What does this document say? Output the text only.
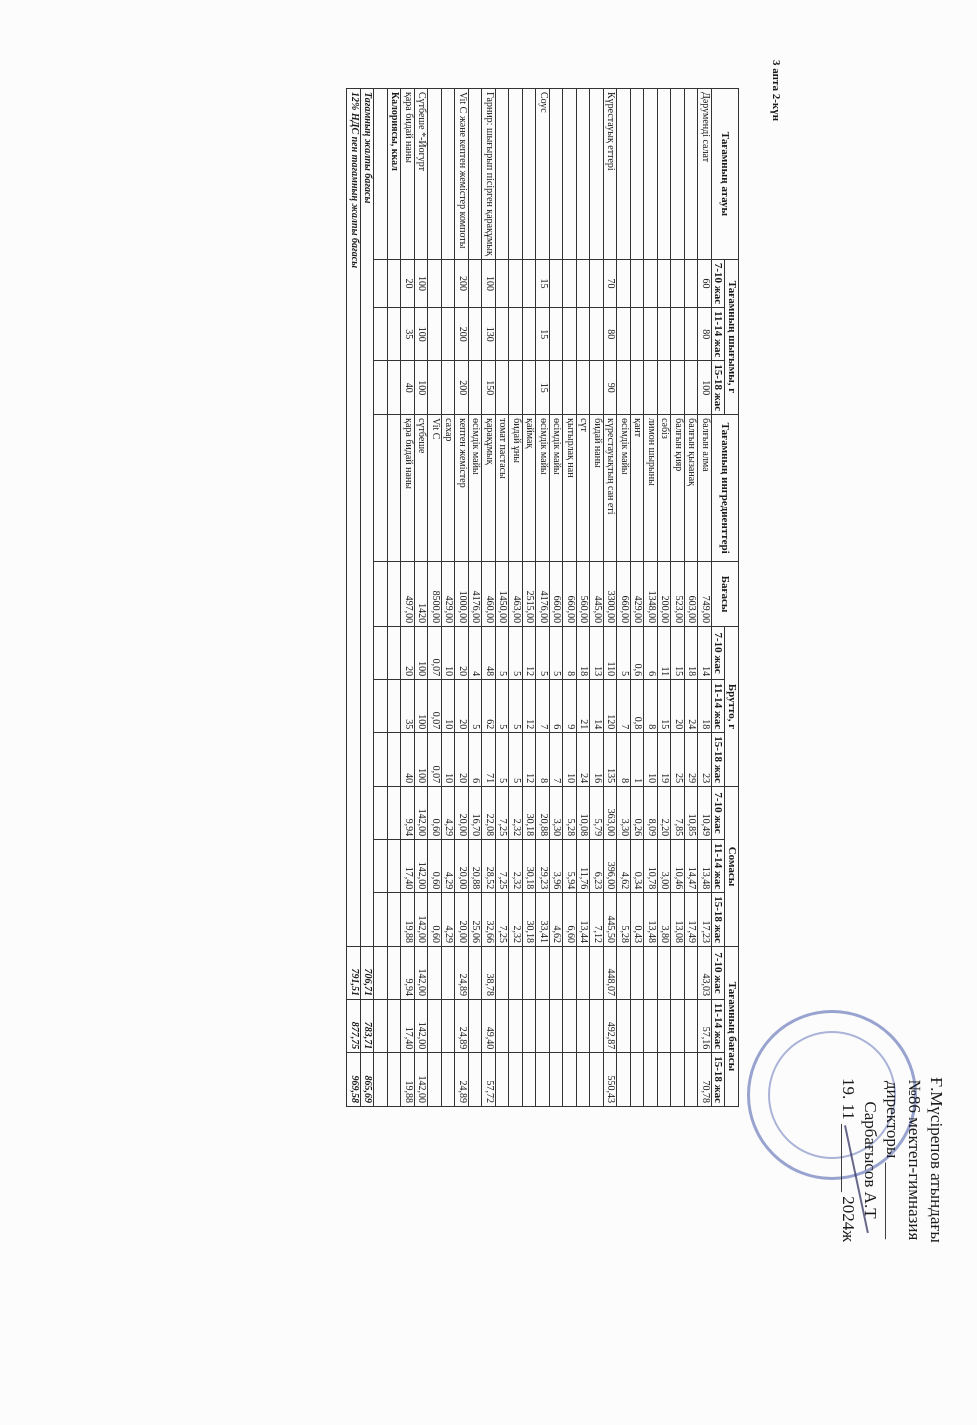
Ғ.Мүсірепов атындағы
№86 мектеп-гимназия
директоры _________
Сарбағысов А.Т
19. 11 ________ 2024ж
3 апта 2-күн
Тағамның атауы	Тағамның шығымы, г			Тағамның ингредиенттері	Бағасы	Брутто, г			Сомасы			Тағамның бағасы		
	7-10 жас	11-14 жас	15-18 жас			7-10 жас	11-14 жас	15-18 жас	7-10 жас	11-14 жас	15-18 жас	7-10 жас	11-14 жас	15-18 жас
Дәрумендi салат	60	80	100	балғын алма	749,00	14	18	23	10,49	13,48	17,23	43,03	57,16	70,78
				балғын қызанақ	603,00	18	24	29	10,85	14,47	17,49			
				балғын қияр	523,00	15	20	25	7,85	10,46	13,08			
				сәбіз	200,00	11	15	19	2,20	3,00	3,80			
				лимон шырыны	1348,00	6	8	10	8,09	10,78	13,48			
				қант	429,00	0,6	0,8	1	0,26	0,34	0,43			
				өсімдік майы	660,00	5	7	8	3,30	4,62	5,28			
Күрестауық еттері	70	80	90	күрестауықтың сан еті	3300,00	110	120	135	363,00	396,00	445,50	448,07	492,87	550,43
				бидай наны	445,00	13	14	16	5,79	6,23	7,12			
				сүт	560,00	18	21	24	10,08	11,76	13,44			
				қытырлақ нан	660,00	8	9	10	5,28	5,94	6,60			
				өсімдік майы	660,00	5	6	7	3,30	3,96	4,62			
Соус	15	15	15	өсімдік майы	4176,00	5	7	8	20,88	29,23	33,41			
				қаймақ	2515,00	12	12	12	30,18	30,18	30,18			
				бидай ұны	463,00	5	5	5	2,32	2,32	2,32			
				томат пастасы	1450,00	5	5	5	7,25	7,25	7,25			
Гарнир: шығырып пiсiрген қарақұмық	100	130	150	қарақұмық	460,00	48	62	71	22,08	28,52	32,66	38,78	49,40	57,72
				өсімдік майы	4176,00	4	5	6	16,70	20,88	25,06			
Vit C жəне кептен жемiстер компоты	200	200	200	кептен жемістер	1000,00	20	20	20	20,00	20,00	20,00	24,89	24,89	24,89
				сахар	429,00	10	10	10	4,29	4,29	4,29			
				Vit C	8500,00	0,07	0,07	0,07	0,60	0,60	0,60			
Сүтбеше *-Йогурт	100	100	100	сүтбеше	1420	100	100	100	142,00	142,00	142,00	142,00	142,00	142,00
қара бидай наны	20	35	40	қара бидай наны	497,00	20	35	40	9,94	17,40	19,88	9,94	17,40	19,88
Калориясы, ккал														

Тағамның жалпы бағасы												706,71	783,71	865,69
12% НДС пен тағамның жалпы бағасы												791,51	877,75	969,58
